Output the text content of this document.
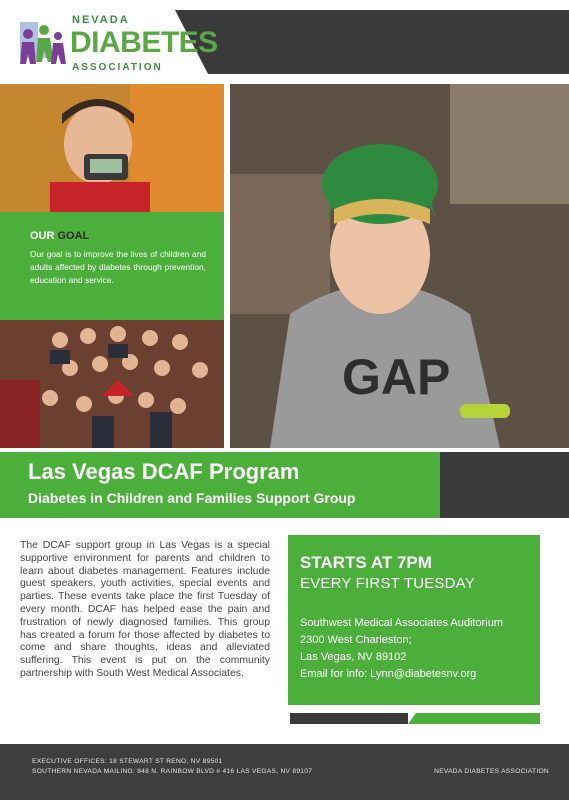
NEVADA
DIABETES
ASSOCIATION
OUR GOAL
Our goal is to improve the lives of children and adults affected by diabetes through prevention, education and service.
GAP
Las Vegas DCAF Program
Diabetes in Children and Families Support Group
The DCAF support group in Las Vegas is a special supportive environment for parents and children to learn about diabetes management. Features include guest speakers, youth activities, special events and parties. These events take place the first Tuesday of every month. DCAF has helped ease the pain and frustration of newly diagnosed families. This group has created a forum for those affected by diabetes to come and share thoughts, ideas and alleviated suffering. This event is put on the community partnership with South West Medical Associates.
STARTS AT 7PM
EVERY FIRST TUESDAY
Southwest Medical Associates Auditorium
2300 West Charleston;
Las Vegas, NV 89102
Email for info: Lynn@diabetesnv.org
EXECUTIVE OFFICES: 18 STEWART ST RENO, NV 89501
SOUTHERN NEVADA MAILING: 848 N. RAINBOW BLVD # 416 LAS VEGAS, NV 89107	NEVADA DIABETES ASSOCIATION
